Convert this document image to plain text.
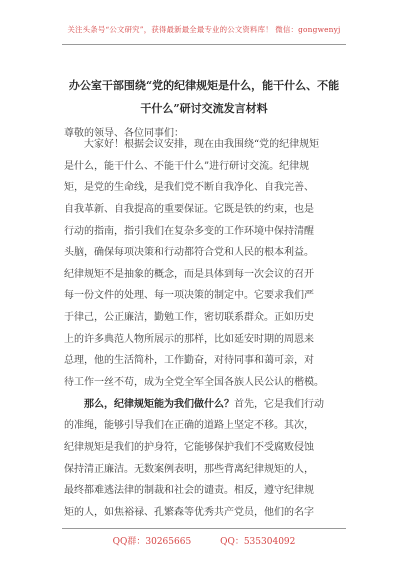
关注头条号“公文研究”，获得最新最全最专业的公文资料库！ 微信：gongwenyj
办公室干部围绕“党的纪律规矩是什么，能干什么、不能
干什么”研讨交流发言材料
尊敬的领导、各位同事们：
大家好！根据会议安排，现在由我围绕“党的纪律规矩
是什么，能干什么、不能干什么”进行研讨交流。纪律规
矩，是党的生命线，是我们党不断自我净化、自我完善、
自我革新、自我提高的重要保证。它既是铁的约束，也是
行动的指南，指引我们在复杂多变的工作环境中保持清醒
头脑，确保每项决策和行动都符合党和人民的根本利益。
纪律规矩不是抽象的概念，而是具体到每一次会议的召开
每一份文件的处理、每一项决策的制定中。它要求我们严
于律己，公正廉洁，勤勉工作，密切联系群众。正如历史
上的许多典范人物所展示的那样，比如延安时期的周恩来
总理，他的生活简朴，工作勤奋，对待同事和蔼可亲，对
待工作一丝不苟，成为全党全军全国各族人民公认的楷模。
那么，纪律规矩能为我们做什么？首先，它是我们行动
的准绳，能够引导我们在正确的道路上坚定不移。其次，
纪律规矩是我们的护身符，它能够保护我们不受腐败侵蚀
保持清正廉洁。无数案例表明，那些背离纪律规矩的人，
最终都难逃法律的制裁和社会的谴责。相反，遵守纪律规
矩的人，如焦裕禄、孔繁森等优秀共产党员，他们的名字
QQ群：30265665	QQ：535304092
